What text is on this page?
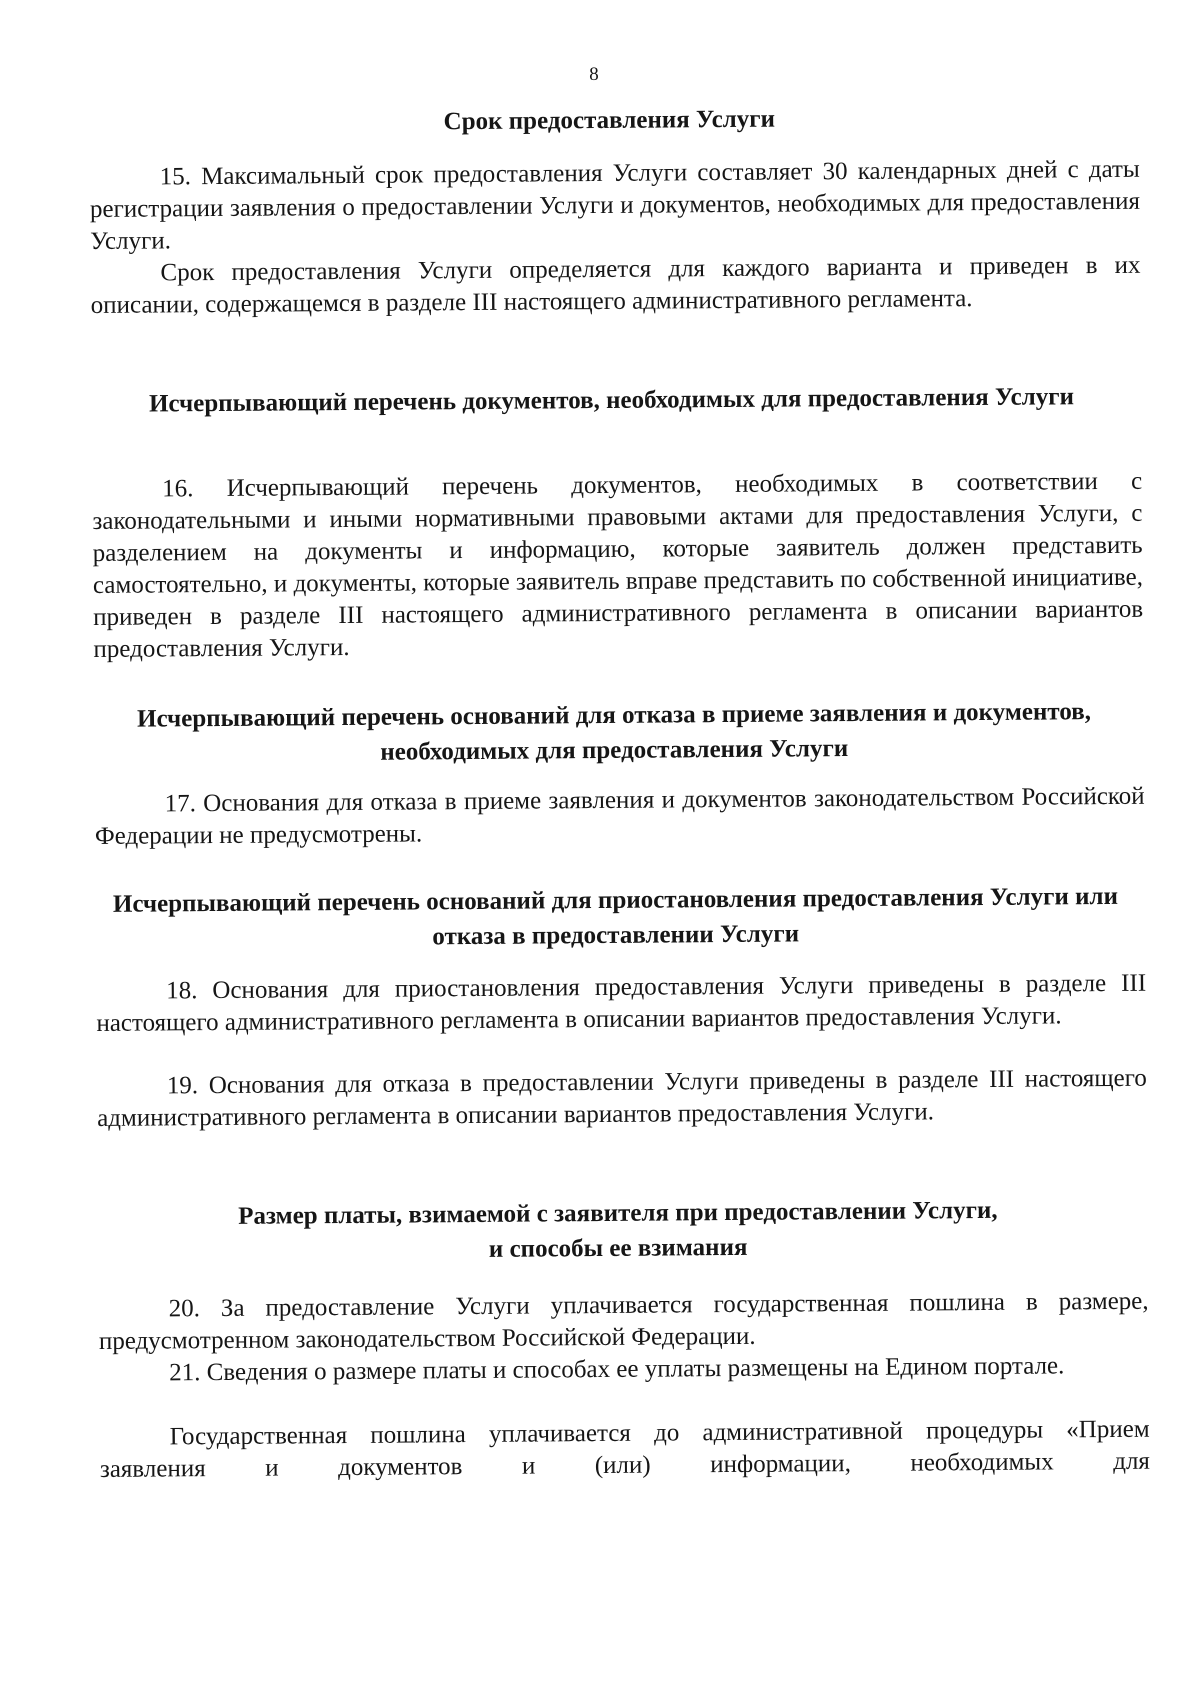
8
Срок предоставления Услуги

15. Максимальный срок предоставления Услуги составляет 30 календарных дней с даты регистрации заявления о предоставлении Услуги и документов, необходимых для предоставления Услуги.

Срок предоставления Услуги определяется для каждого варианта и приведен в их описании, содержащемся в разделе III настоящего административного регламента.

Исчерпывающий перечень документов, необходимых для предоставления Услуги

16. Исчерпывающий перечень документов, необходимых в соответствии с законодательными и иными нормативными правовыми актами для предоставления Услуги, с разделением на документы и информацию, которые заявитель должен представить самостоятельно, и документы, которые заявитель вправе представить по собственной инициативе, приведен в разделе III настоящего административного регламента в описании вариантов предоставления Услуги.

Исчерпывающий перечень оснований для отказа в приеме заявления и документов, необходимых для предоставления Услуги

17. Основания для отказа в приеме заявления и документов законодательством Российской Федерации не предусмотрены.

Исчерпывающий перечень оснований для приостановления предоставления Услуги или отказа в предоставлении Услуги

18. Основания для приостановления предоставления Услуги приведены в разделе III настоящего административного регламента в описании вариантов предоставления Услуги.

19. Основания для отказа в предоставлении Услуги приведены в разделе III настоящего административного регламента в описании вариантов предоставления Услуги.

Размер платы, взимаемой с заявителя при предоставлении Услуги, и способы ее взимания

20. За предоставление Услуги уплачивается государственная пошлина в размере, предусмотренном законодательством Российской Федерации.

21. Сведения о размере платы и способах ее уплаты размещены на Едином портале.

Государственная пошлина уплачивается до административной процедуры «Прием заявления и документов и (или) информации, необходимых для
